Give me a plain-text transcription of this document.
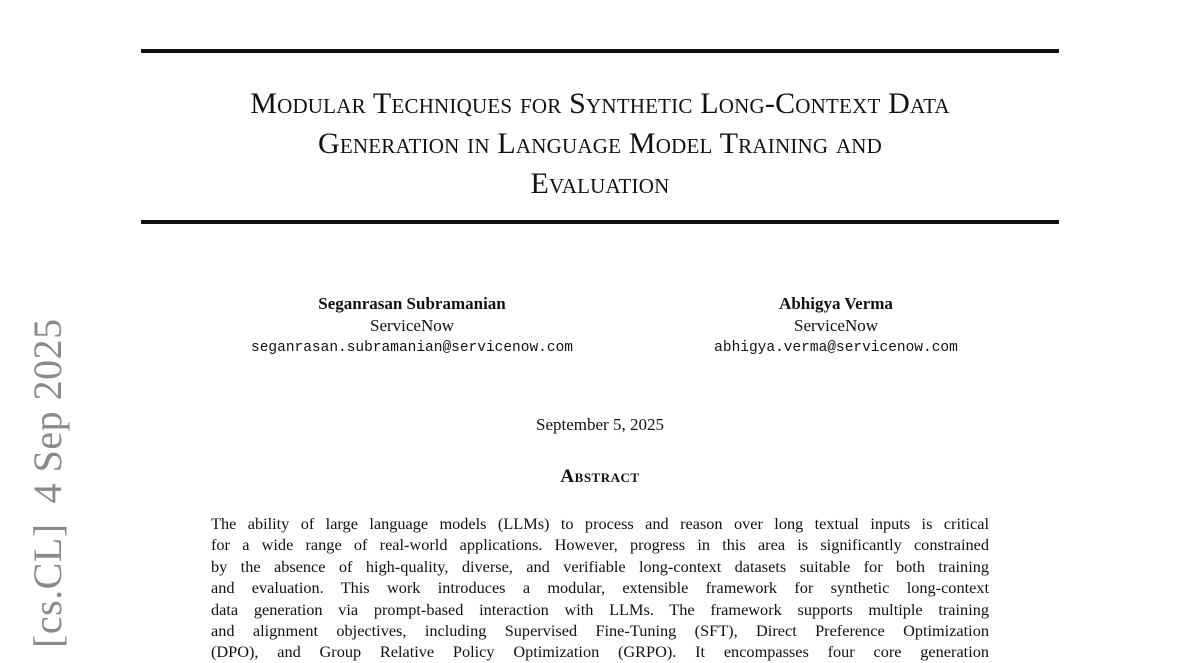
[cs.CL]4 Sep 2025
Modular Techniques for Synthetic Long-Context Data
Generation in Language Model Training and
Evaluation
Seganrasan Subramanian
ServiceNow
seganrasan.subramanian@servicenow.com
Abhigya Verma
ServiceNow
abhigya.verma@servicenow.com
September 5, 2025
Abstract
The ability of large language models (LLMs) to process and reason over long textual inputs is critical
for a wide range of real-world applications. However, progress in this area is significantly constrained
by the absence of high-quality, diverse, and verifiable long-context datasets suitable for both training
and evaluation. This work introduces a modular, extensible framework for synthetic long-context
data generation via prompt-based interaction with LLMs. The framework supports multiple training
and alignment objectives, including Supervised Fine-Tuning (SFT), Direct Preference Optimization
(DPO), and Group Relative Policy Optimization (GRPO). It encompasses four core generation
